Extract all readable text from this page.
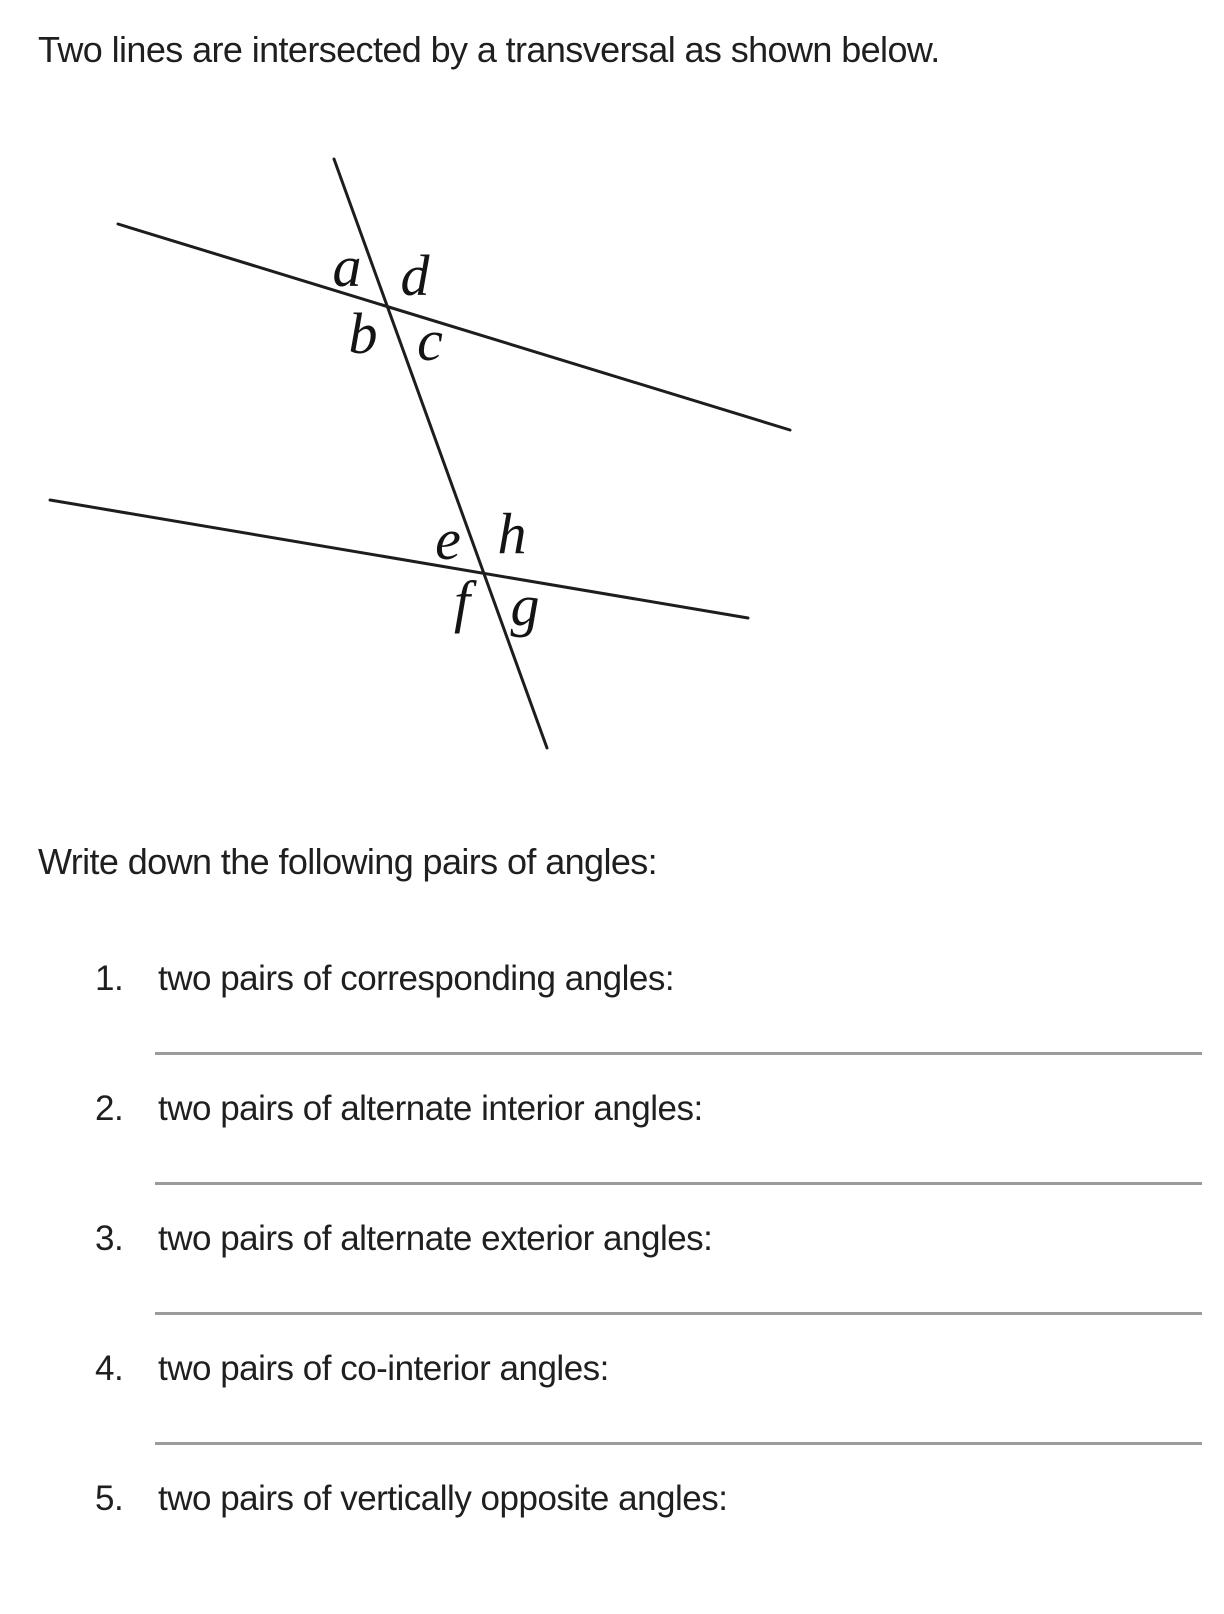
Two lines are intersected by a transversal as shown below.
a d
b c
e h
f g
Write down the following pairs of angles:
1. two pairs of corresponding angles:
2. two pairs of alternate interior angles:
3. two pairs of alternate exterior angles:
4. two pairs of co-interior angles:
5. two pairs of vertically opposite angles:
